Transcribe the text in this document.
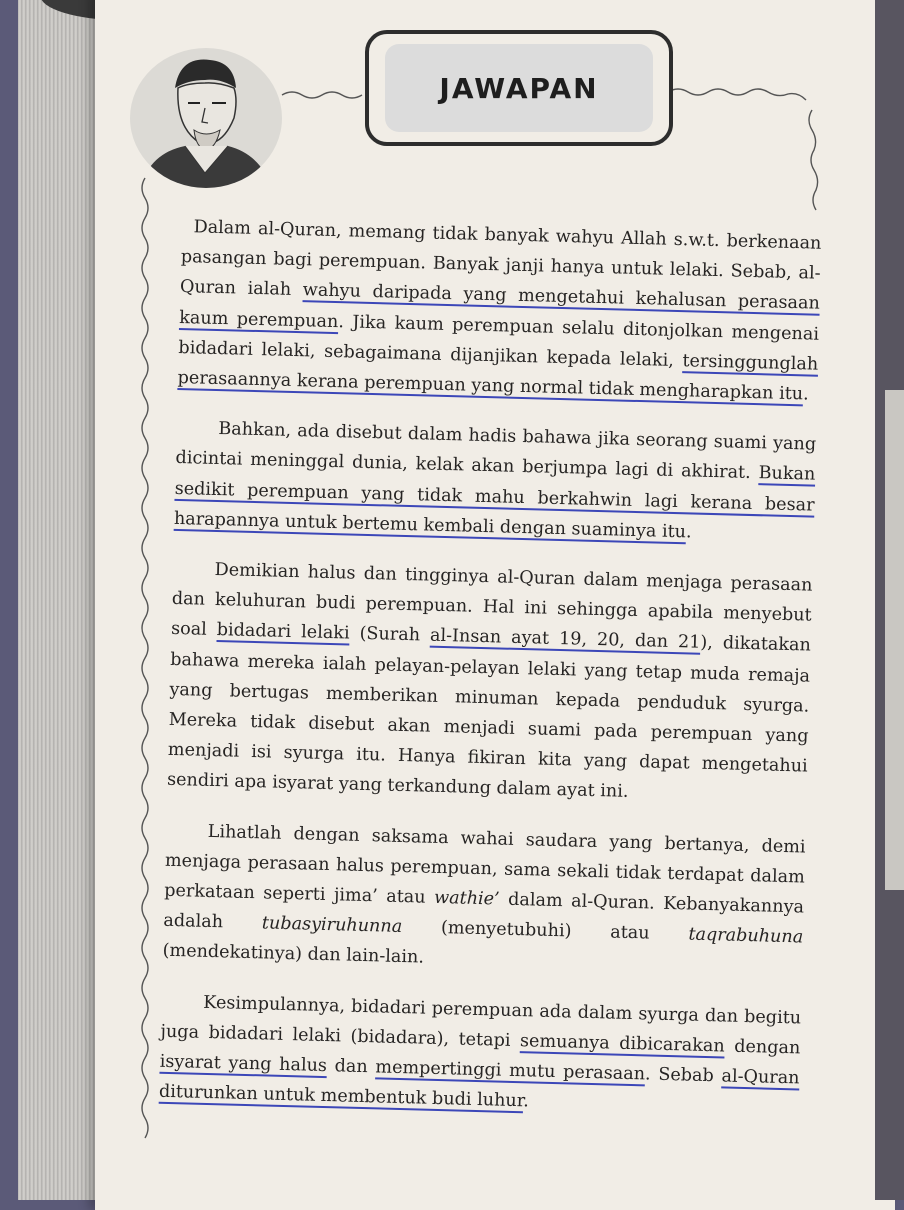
JAWAPAN

Dalam al-Quran, memang tidak banyak wahyu Allah s.w.t. berkenaan pasangan bagi perempuan. Banyak janji hanya untuk lelaki. Sebab, al-Quran ialah wahyu daripada yang mengetahui kehalusan perasaan kaum perempuan. Jika kaum perempuan selalu ditonjolkan mengenai bidadari lelaki, sebagaimana dijanjikan kepada lelaki, tersinggunglah perasaannya kerana perempuan yang normal tidak mengharapkan itu.

Bahkan, ada disebut dalam hadis bahawa jika seorang suami yang dicintai meninggal dunia, kelak akan berjumpa lagi di akhirat. Bukan sedikit perempuan yang tidak mahu berkahwin lagi kerana besar harapannya untuk bertemu kembali dengan suaminya itu.

Demikian halus dan tingginya al-Quran dalam menjaga perasaan dan keluhuran budi perempuan. Hal ini sehingga apabila menyebut soal bidadari lelaki (Surah al-Insan ayat 19, 20, dan 21), dikatakan bahawa mereka ialah pelayan-pelayan lelaki yang tetap muda remaja yang bertugas memberikan minuman kepada penduduk syurga. Mereka tidak disebut akan menjadi suami pada perempuan yang menjadi isi syurga itu. Hanya fikiran kita yang dapat mengetahui sendiri apa isyarat yang terkandung dalam ayat ini.

Lihatlah dengan saksama wahai saudara yang bertanya, demi menjaga perasaan halus perempuan, sama sekali tidak terdapat dalam perkataan seperti jima’ atau wathie’ dalam al-Quran. Kebanyakannya adalah tubasyiruhunna (menyetubuhi) atau taqrabuhuna (mendekatinya) dan lain-lain.

Kesimpulannya, bidadari perempuan ada dalam syurga dan begitu juga bidadari lelaki (bidadara), tetapi semuanya dibicarakan dengan isyarat yang halus dan mempertinggi mutu perasaan. Sebab al-Quran diturunkan untuk membentuk budi luhur.
